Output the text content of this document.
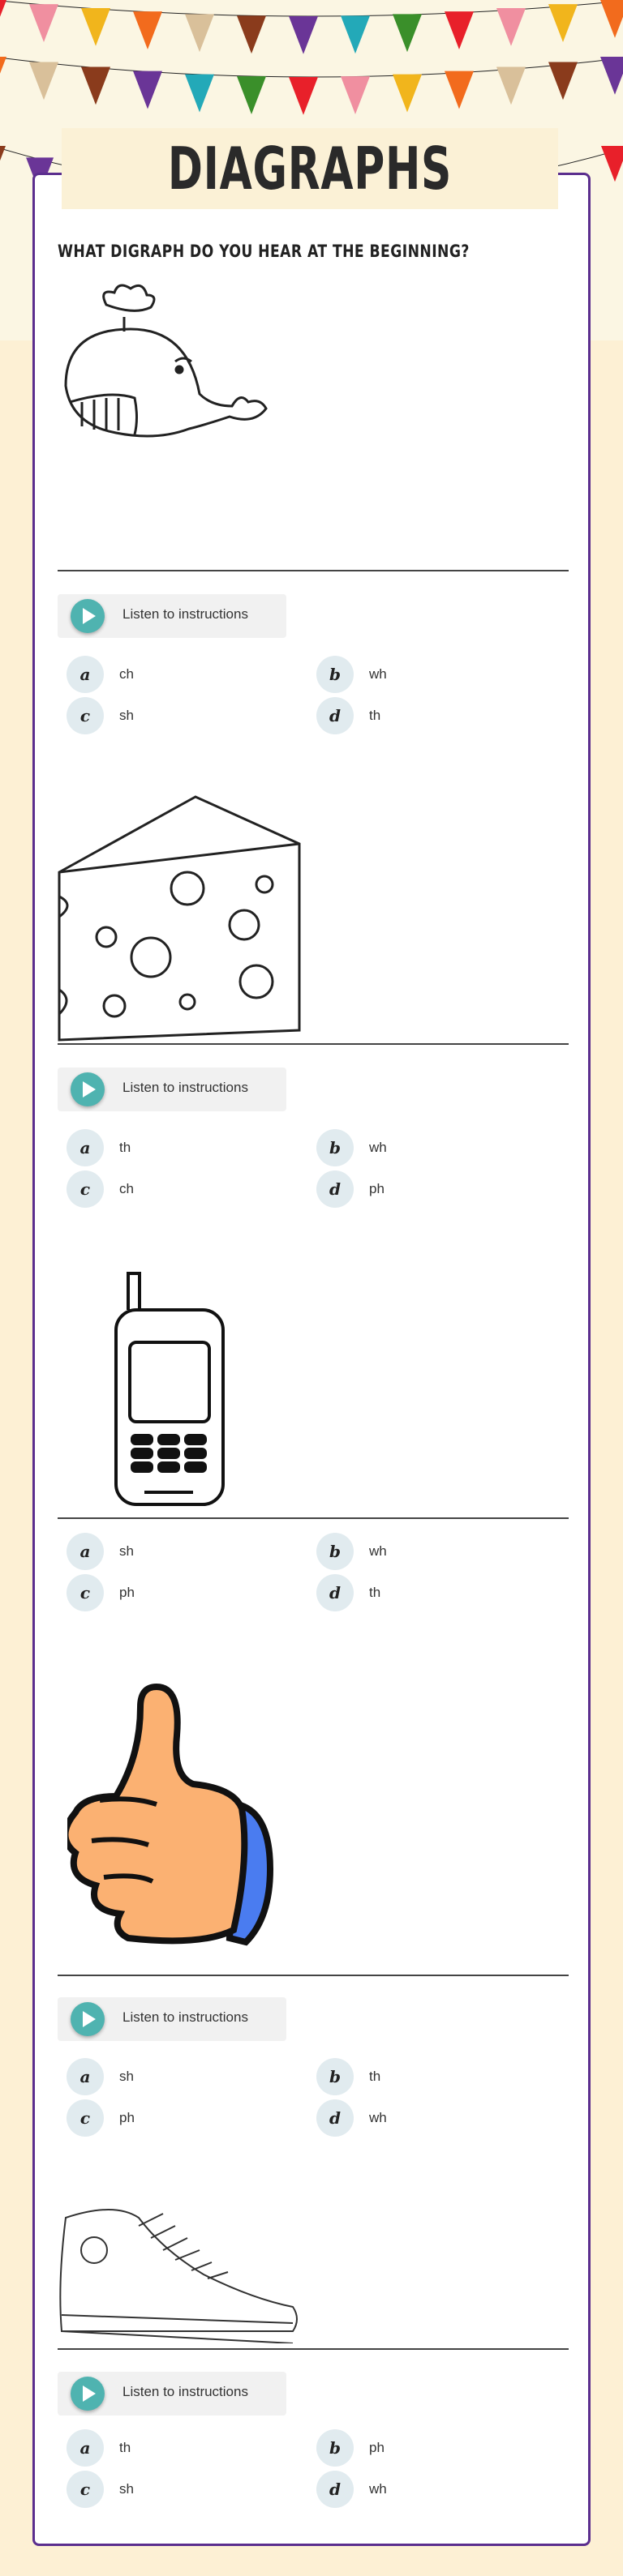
DIAGRAPHS
WHAT DIGRAPH DO YOU HEAR AT THE BEGINNING?
Listen to instructions
a	ch	b	wh
c	sh	d	th
Listen to instructions
a	th	b	wh
c	ch	d	ph
a	sh	b	wh
c	ph	d	th
Listen to instructions
a	sh	b	th
c	ph	d	wh
Listen to instructions
a	th	b	ph
c	sh	d	wh
